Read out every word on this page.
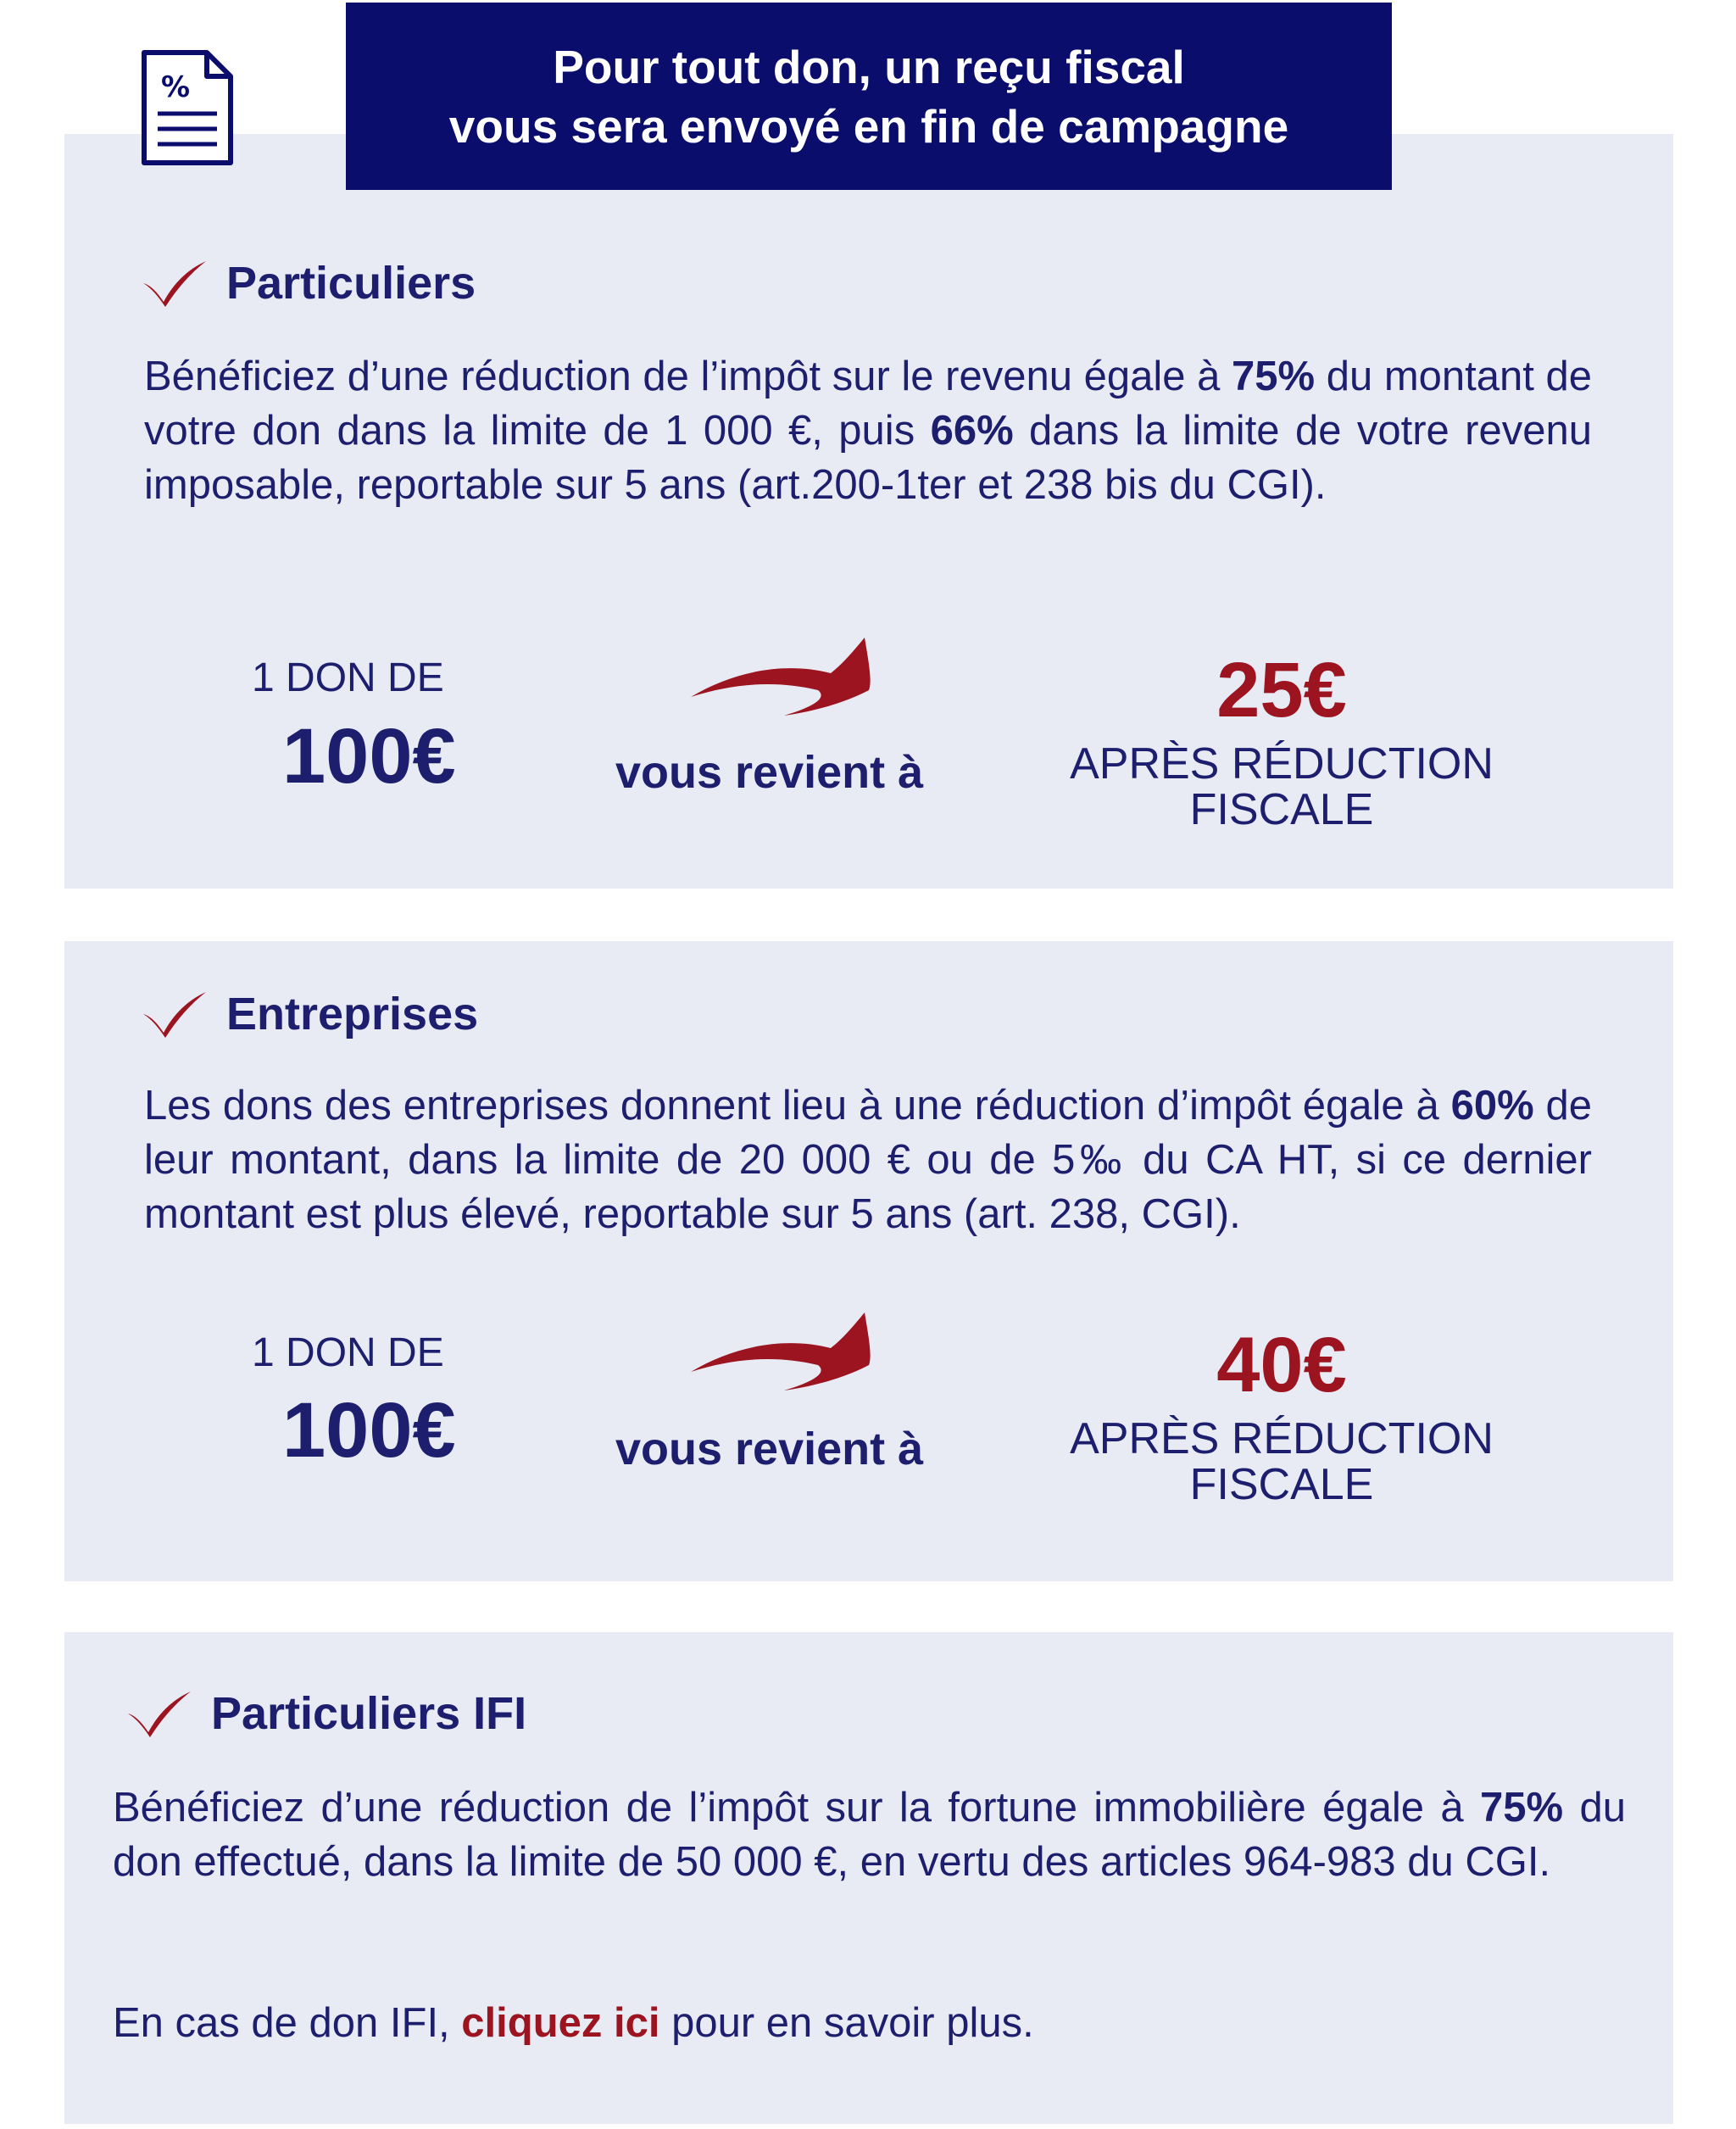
%	Pour tout don, un reçu fiscal
vous sera envoyé en fin de campagne
Particuliers
Bénéficiez d’une réduction de l’impôt sur le revenu égale à 75% du montant de votre don dans la limite de 1 000 €, puis 66% dans la limite de votre revenu imposable, reportable sur 5 ans (art.200-1ter et 238 bis du CGI).
1 DON DE
100€	vous revient à
25€
APRÈS RÉDUCTION
FISCALE
Entreprises
Les dons des entreprises donnent lieu à une réduction d’impôt égale à 60% de leur montant, dans la limite de 20 000 € ou de 5‰ du CA HT, si ce dernier montant est plus élevé, reportable sur 5 ans (art. 238, CGI).
1 DON DE
100€	vous revient à
40€
APRÈS RÉDUCTION
FISCALE
Particuliers IFI
Bénéficiez d’une réduction de l’impôt sur la fortune immobilière égale à 75% du don effectué, dans la limite de 50 000 €, en vertu des articles 964-983 du CGI.
En cas de don IFI, cliquez ici pour en savoir plus.
